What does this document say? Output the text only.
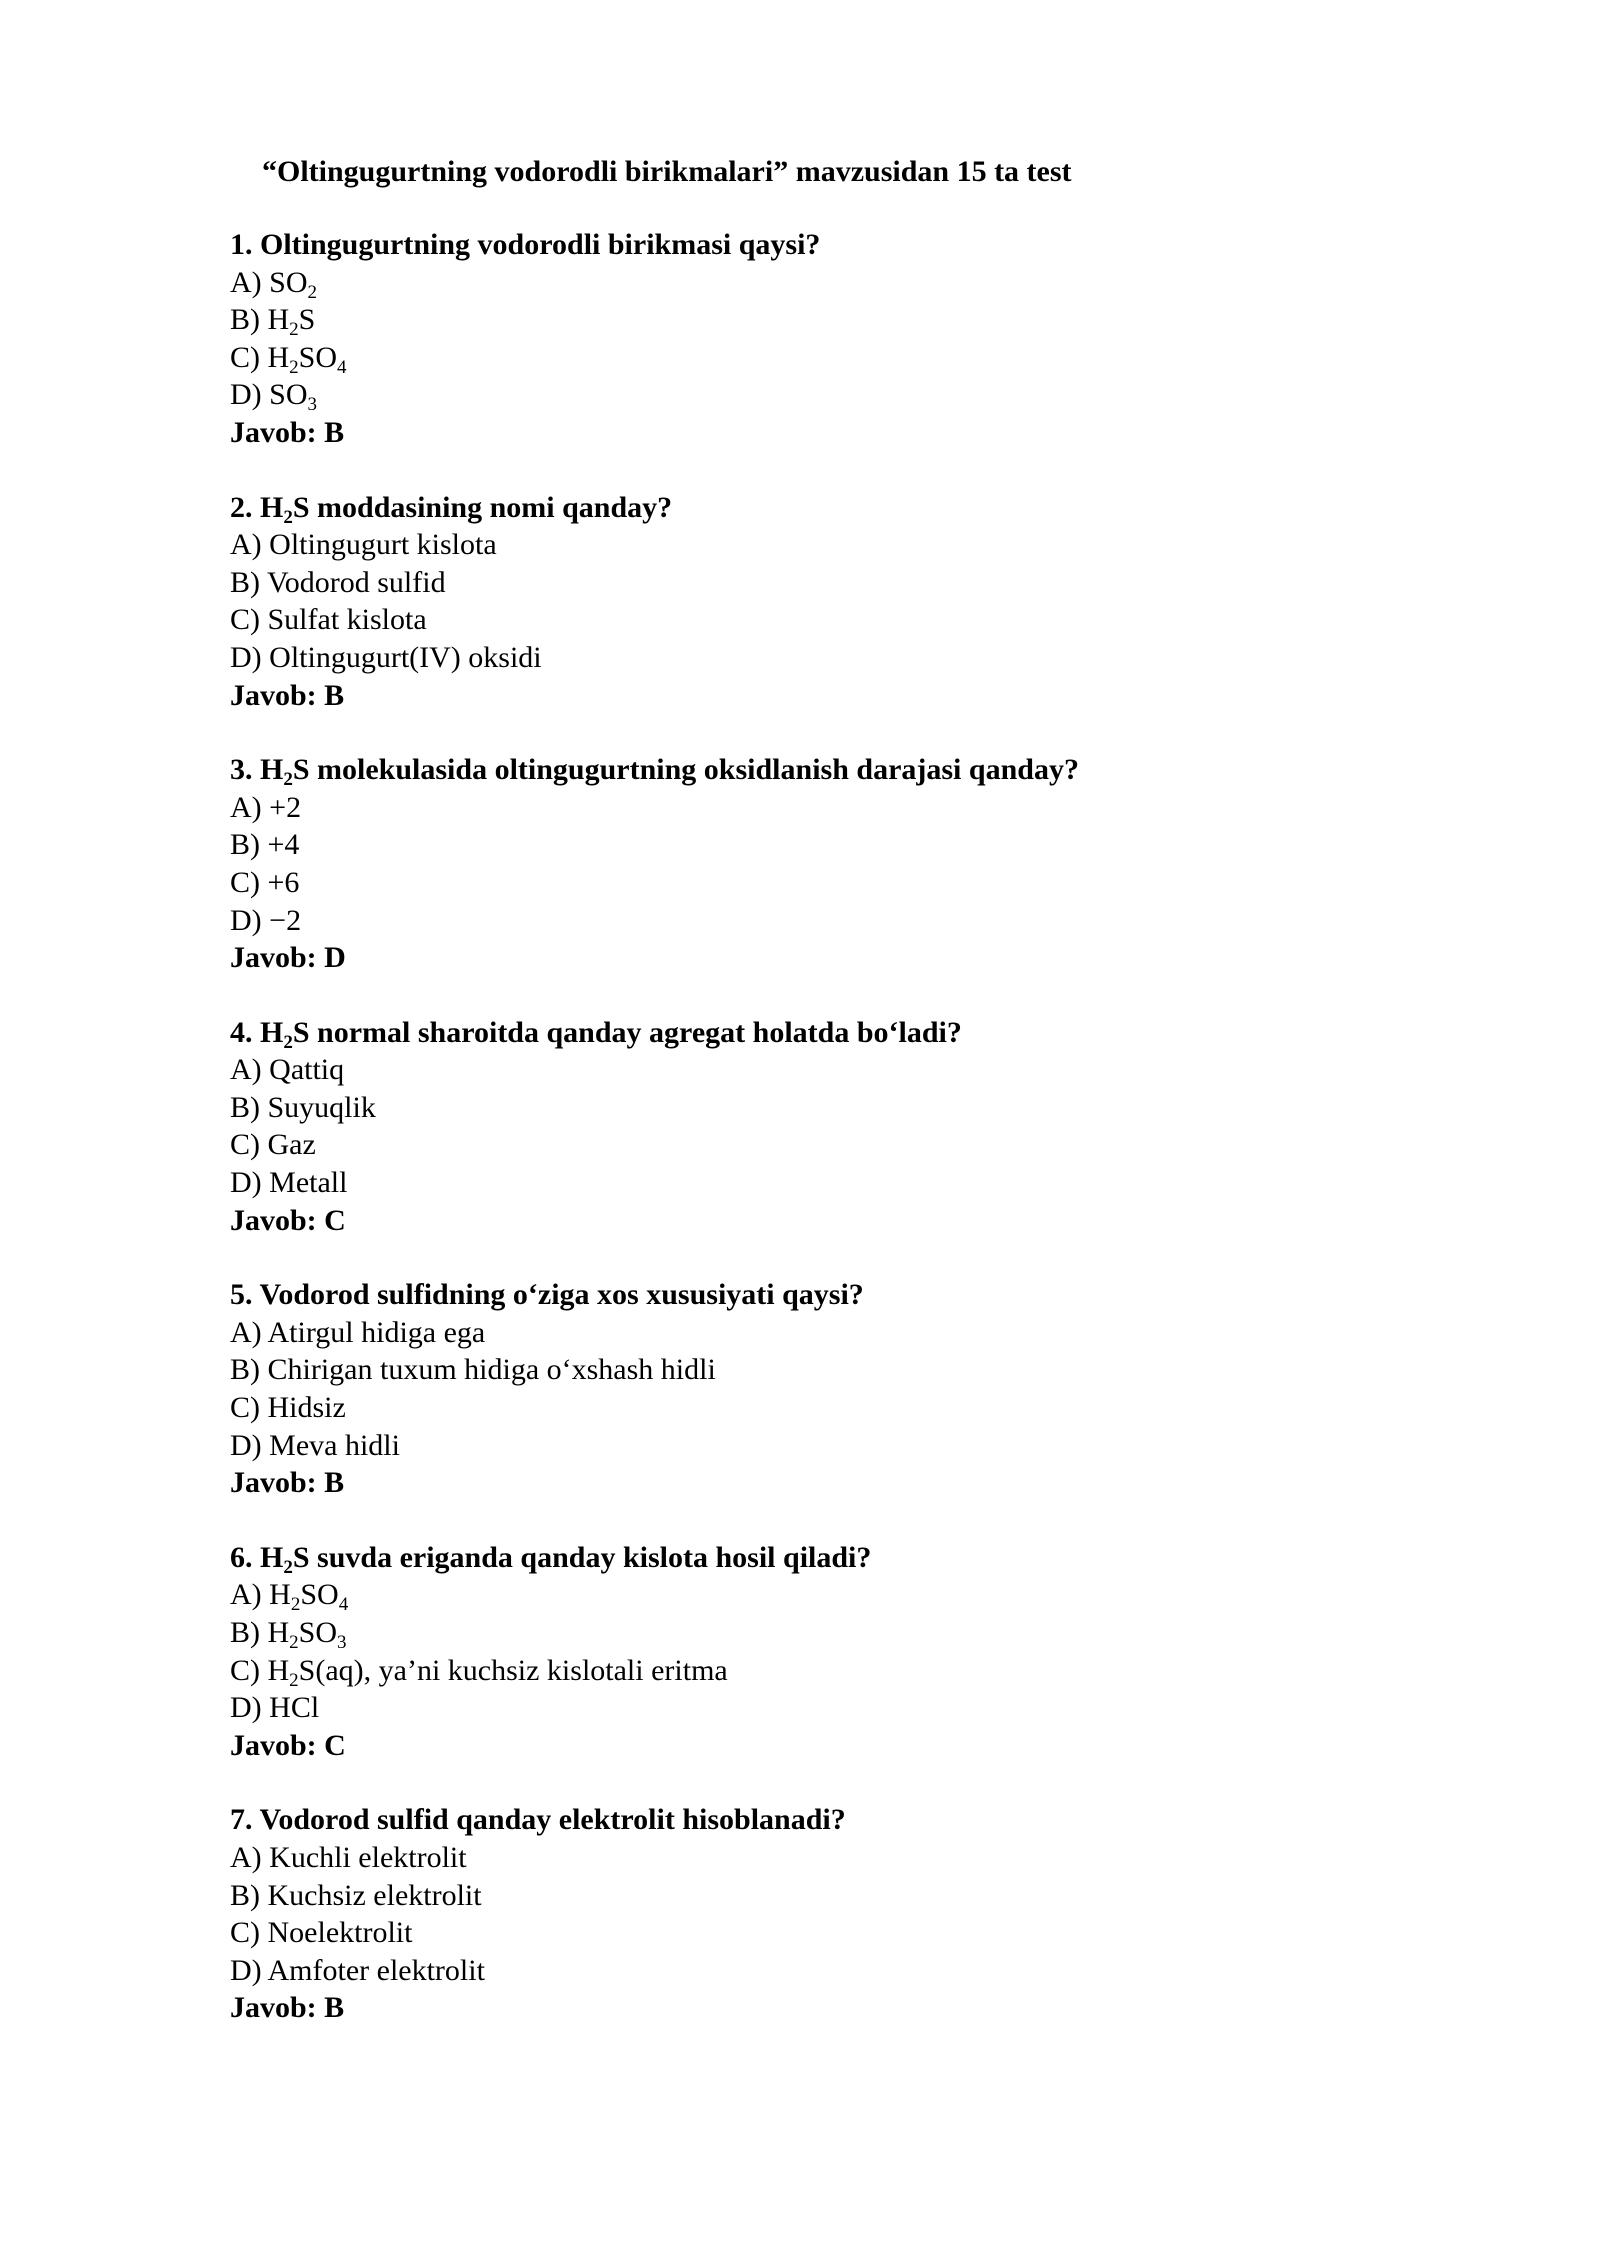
“Oltingugurtning vodorodli birikmalari” mavzusidan 15 ta test
1. Oltingugurtning vodorodli birikmasi qaysi?
A) $SO_2$
B) $H_2S$
C) $H_2SO_4$
D) $SO_3$
Javob: B
2. $H_2S$ moddasining nomi qanday?
A) Oltingugurt kislota
B) Vodorod sulfid
C) Sulfat kislota
D) Oltingugurt(IV) oksidi
Javob: B
3. $H_2S$ molekulasida oltingugurtning oksidlanish darajasi qanday?
A) +2
B) +4
C) +6
D) −2
Javob: D
4. $H_2S$ normal sharoitda qanday agregat holatda bo‘ladi?
A) Qattiq
B) Suyuqlik
C) Gaz
D) Metall
Javob: C
5. Vodorod sulfidning o‘ziga xos xususiyati qaysi?
A) Atirgul hidiga ega
B) Chirigan tuxum hidiga o‘xshash hidli
C) Hidsiz
D) Meva hidli
Javob: B
6. $H_2S$ suvda eriganda qanday kislota hosil qiladi?
A) $H_2SO_4$
B) $H_2SO_3$
C) $H_2S(aq)$, ya’ni kuchsiz kislotali eritma
D) HCl
Javob: C
7. Vodorod sulfid qanday elektrolit hisoblanadi?
A) Kuchli elektrolit
B) Kuchsiz elektrolit
C) Noelektrolit
D) Amfoter elektrolit
Javob: B
